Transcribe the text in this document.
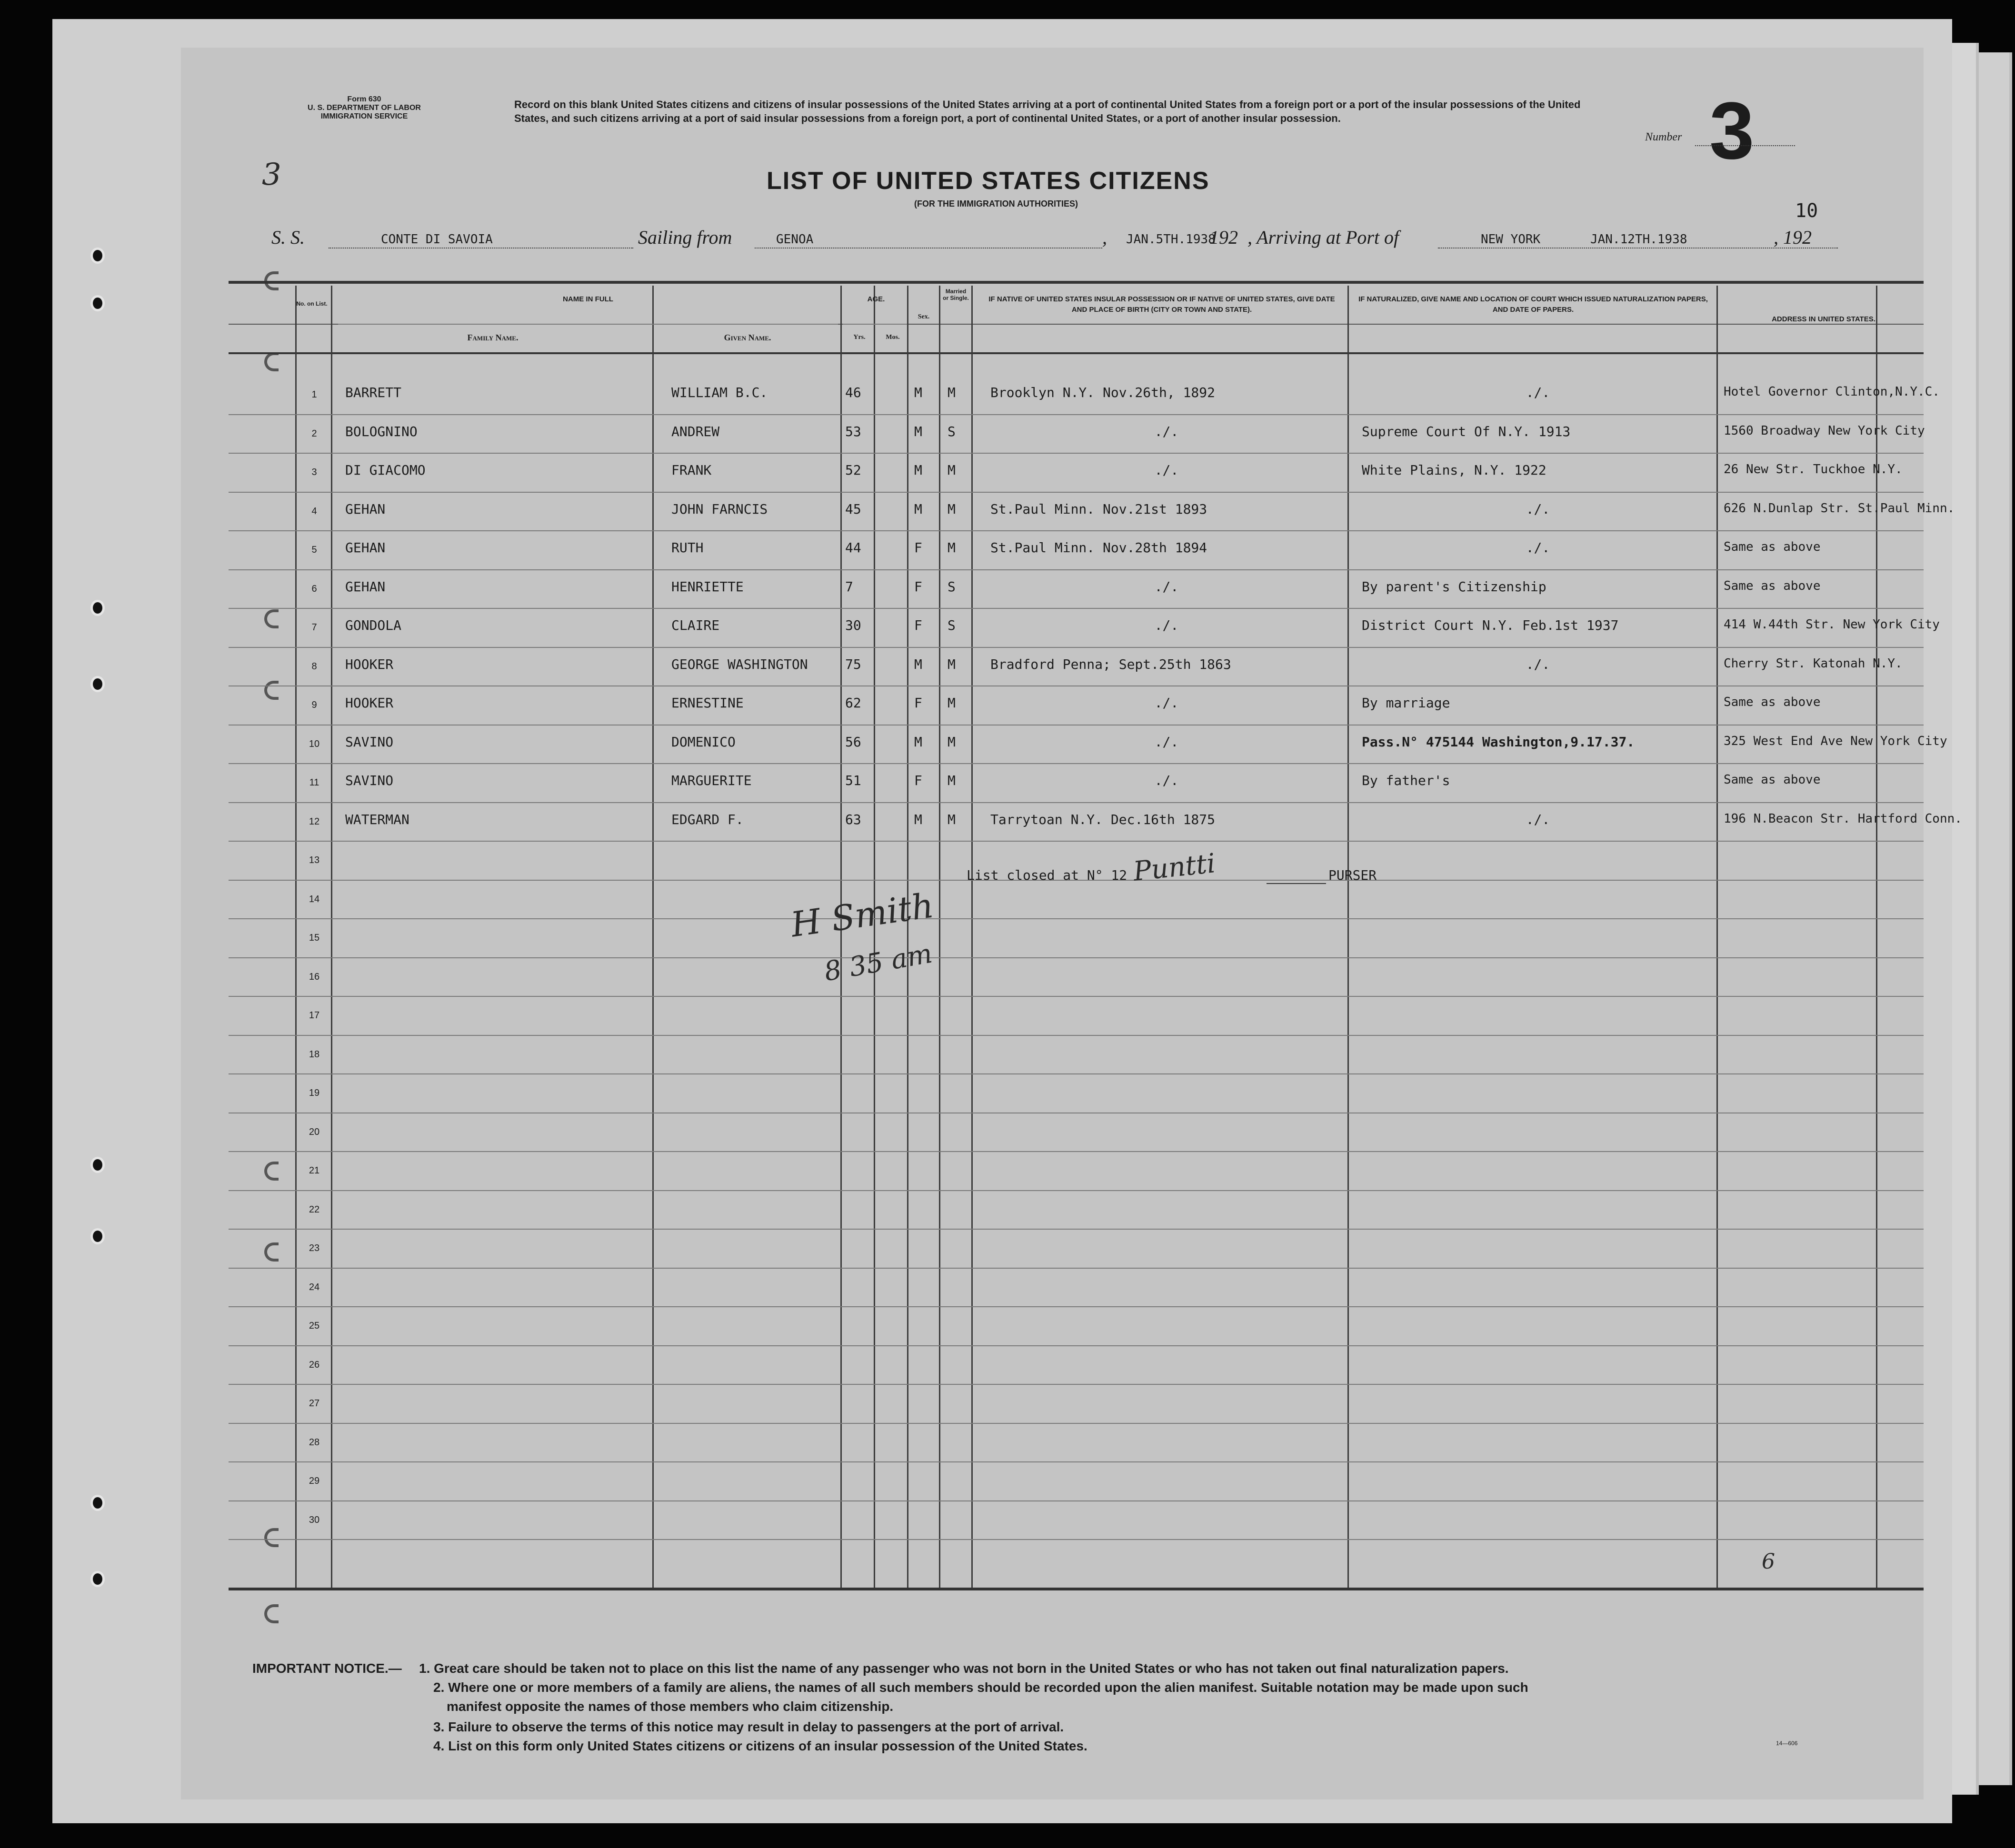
Form 630
U. S. DEPARTMENT OF LABOR
IMMIGRATION SERVICE
Record on this blank United States citizens and citizens of insular possessions of the United States arriving at a port of continental United States from a foreign port or a port of the insular possessions of the United States, and such citizens arriving at a port of said insular possessions from a foreign port, a port of continental United States, or a port of another insular possession.
3
Number 3
LIST OF UNITED STATES CITIZENS
(FOR THE IMMIGRATION AUTHORITIES)	10
S. S.	CONTE DI SAVOIA	Sailing from	GENOA	, JAN.5TH.1938
192 , Arriving at Port of	NEW YORK	JAN.12TH.1938	, 192
No. on List.
NAME IN FULL
Family Name.	Given Name.
AGE.
Yrs.	Mos.
Sex.
Married or Single.	IF NATIVE OF UNITED STATES INSULAR POSSESSION OR IF NATIVE OF UNITED STATES, GIVE DATE AND PLACE OF BIRTH (CITY OR TOWN AND STATE).
IF NATURALIZED, GIVE NAME AND LOCATION OF COURT WHICH ISSUED NATURALIZATION PAPERS, AND DATE OF PAPERS.
ADDRESS IN UNITED STATES.
1	BARRETT	WILLIAM B.C.	46	M M	Brooklyn N.Y. Nov.26th, 1892	./.	Hotel Governor Clinton,N.Y.C.
2	BOLOGNINO	ANDREW	53	M S	./.	Supreme Court Of N.Y. 1913	1560 Broadway New York City
3	DI GIACOMO	FRANK	52	M M	./.	White Plains, N.Y. 1922	26 New Str. Tuckhoe N.Y.
4	GEHAN	JOHN FARNCIS	45	M M	St.Paul Minn. Nov.21st 1893	./.	626 N.Dunlap Str. St.Paul Minn.
5	GEHAN	RUTH	44	F M	St.Paul Minn. Nov.28th 1894	./.	Same as above
6	GEHAN	HENRIETTE	7	F S	./.	By parent's Citizenship	Same as above
7	GONDOLA	CLAIRE	30	F S	./.	District Court N.Y. Feb.1st 1937	414 W.44th Str. New York City
8	HOOKER	GEORGE WASHINGTON	75	M M	Bradford Penna; Sept.25th 1863	./.	Cherry Str. Katonah N.Y.
9	HOOKER	ERNESTINE	62	F M	./.	By marriage	Same as above
10	SAVINO	DOMENICO	56	M M	./.	Pass.N° 475144 Washington,9.17.37.	325 West End Ave New York City
11	SAVINO	MARGUERITE	51	F M	./.	By father's	Same as above
12	WATERMAN	EDGARD F.	63	M M	Tarrytoan N.Y. Dec.16th 1875	./.	196 N.Beacon Str. Hartford Conn.
13
14
15
16
17
18
19
20
21
22
23
24
25
26
27
28
29
30
List closed at N° 12 Puntti	PURSER
H Smith
8 35 am
6
IMPORTANT NOTICE.— 1. Great care should be taken not to place on this list the name of any passenger who was not born in the United States or who has not taken out final naturalization papers.
2. Where one or more members of a family are aliens, the names of all such members should be recorded upon the alien manifest. Suitable notation may be made upon such
manifest opposite the names of those members who claim citizenship.
3. Failure to observe the terms of this notice may result in delay to passengers at the port of arrival.
4. List on this form only United States citizens or citizens of an insular possession of the United States.	14—606
